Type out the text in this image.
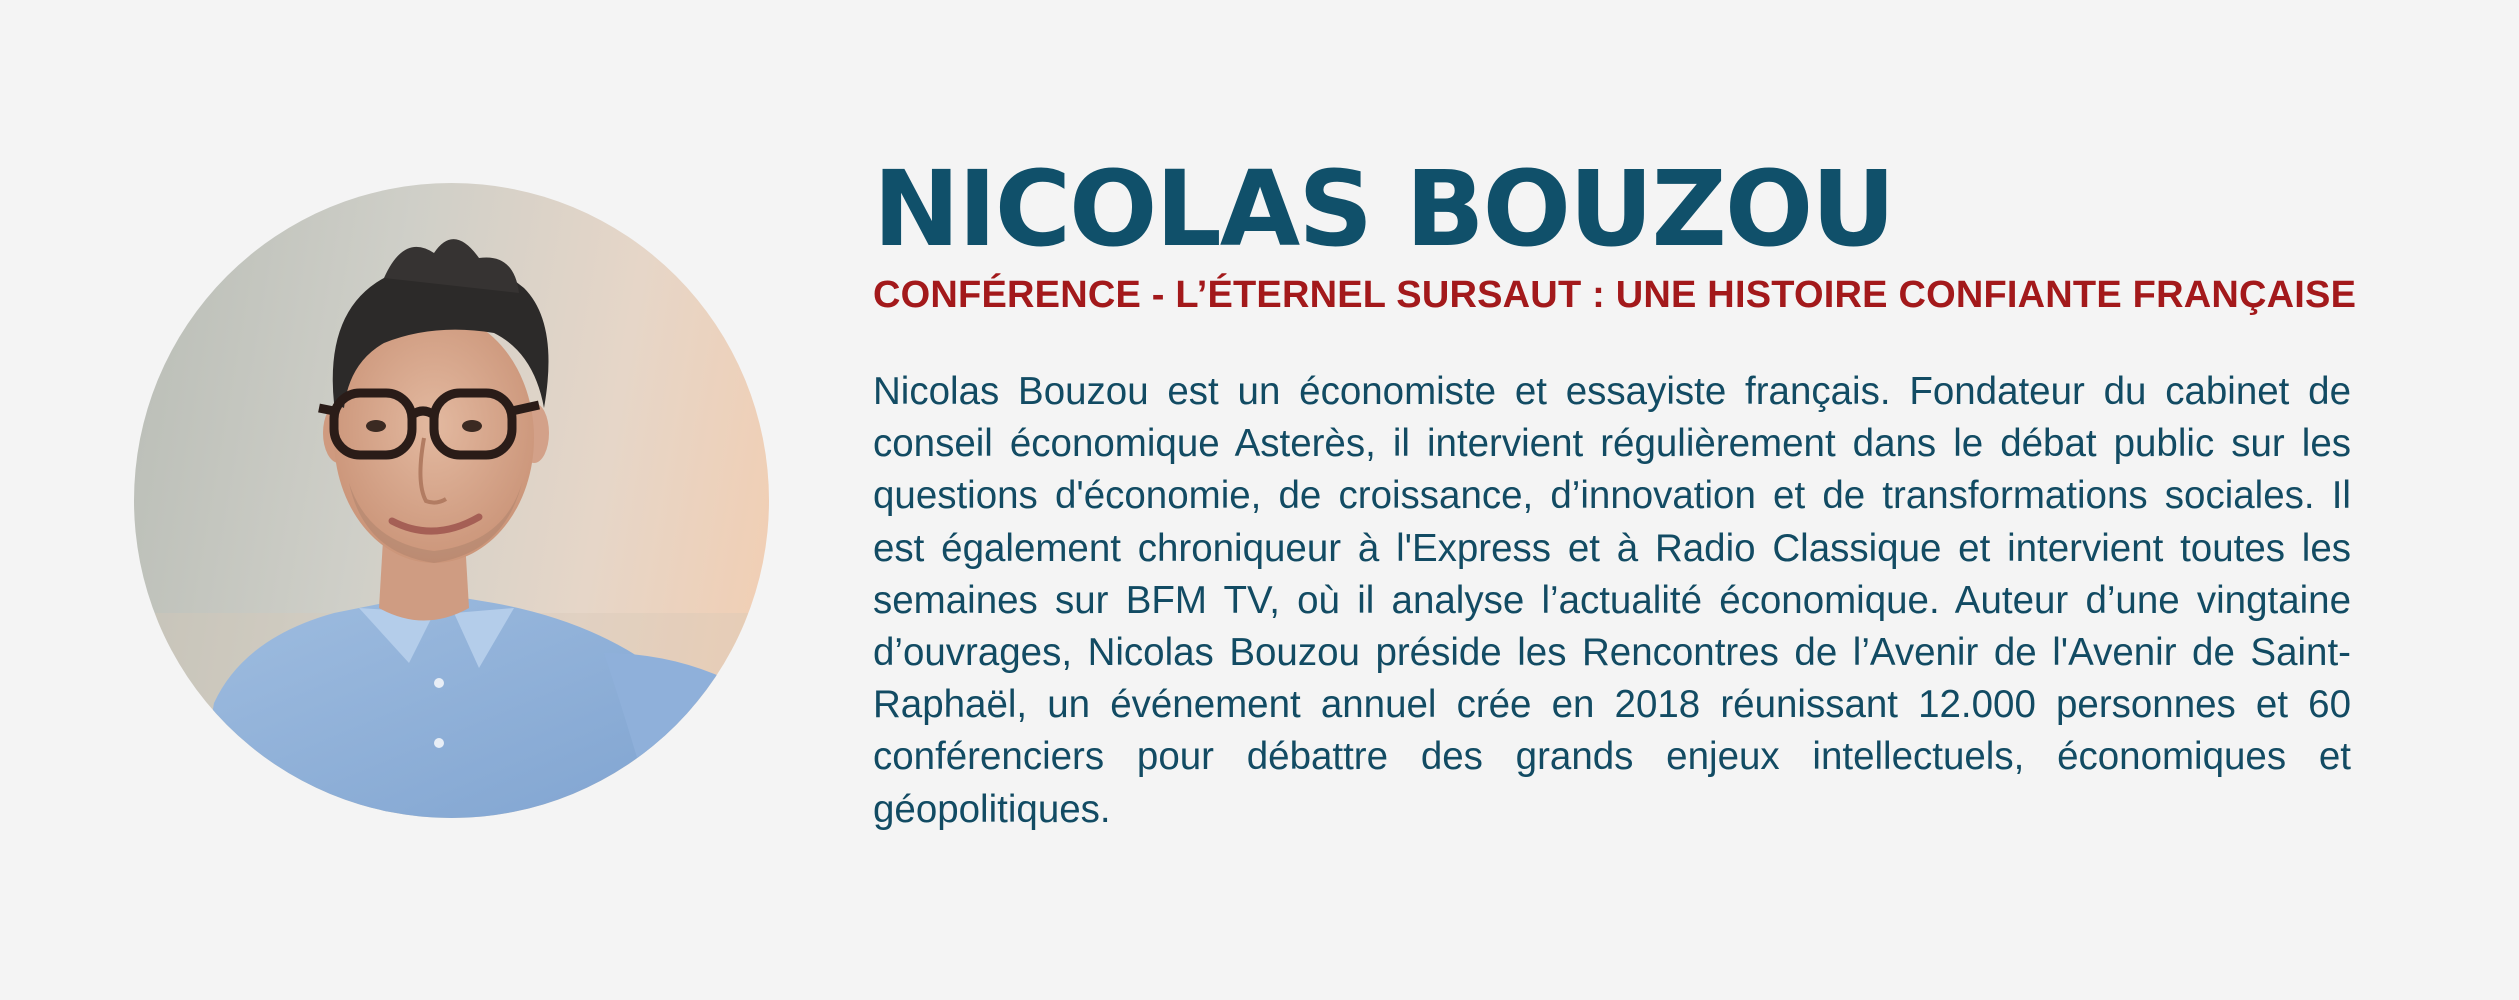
NICOLAS BOUZOU
CONFÉRENCE - L’ÉTERNEL SURSAUT : UNE HISTOIRE CONFIANTE FRANÇAISE

Nicolas Bouzou est un économiste et essayiste français. Fondateur du cabinet de conseil économique Asterès, il intervient régulièrement dans le débat public sur les questions d'économie, de croissance, d’innovation et de transformations sociales. Il est également chroniqueur à l'Express et à Radio Classique et intervient toutes les semaines sur BFM TV, où il analyse l’actualité économique. Auteur d’une vingtaine d’ouvrages, Nicolas Bouzou préside les Rencontres de l’Avenir de l'Avenir de Saint-Raphaël, un événement annuel crée en 2018 réunissant 12.000 personnes et 60 conférenciers pour débattre des grands enjeux intellectuels, économiques et géopolitiques.
